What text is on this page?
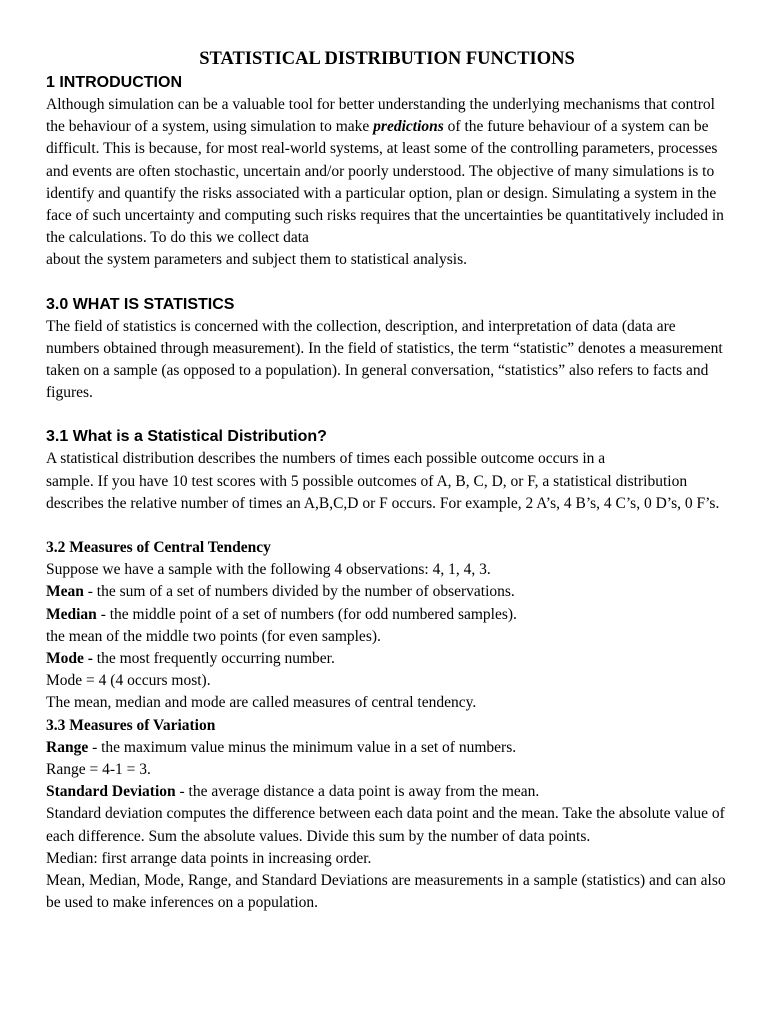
STATISTICAL DISTRIBUTION FUNCTIONS
1 INTRODUCTION

Although simulation can be a valuable tool for better understanding the underlying mechanisms that control the behaviour of a system, using simulation to make predictions of the future behaviour of a system can be difficult. This is because, for most real-world systems, at least some of the controlling parameters, processes and events are often stochastic, uncertain and/or poorly understood. The objective of many simulations is to identify and quantify the risks associated with a particular option, plan or design. Simulating a system in the face of such uncertainty and computing such risks requires that the uncertainties be quantitatively included in the calculations. To do this we collect data
about the system parameters and subject them to statistical analysis.

3.0 WHAT IS STATISTICS

The field of statistics is concerned with the collection, description, and interpretation of data (data are numbers obtained through measurement). In the field of statistics, the term “statistic” denotes a measurement taken on a sample (as opposed to a population). In general conversation, “statistics” also refers to facts and figures.

3.1 What is a Statistical Distribution?

A statistical distribution describes the numbers of times each possible outcome occurs in a
sample. If you have 10 test scores with 5 possible outcomes of A, B, C, D, or F, a statistical distribution describes the relative number of times an A,B,C,D or F occurs. For example, 2 A’s, 4 B’s, 4 C’s, 0 D’s, 0 F’s.

3.2 Measures of Central Tendency

Suppose we have a sample with the following 4 observations: 4, 1, 4, 3.

Mean - the sum of a set of numbers divided by the number of observations.

Median - the middle point of a set of numbers (for odd numbered samples).

the mean of the middle two points (for even samples).

Mode - the most frequently occurring number.

Mode = 4 (4 occurs most).

The mean, median and mode are called measures of central tendency.

3.3 Measures of Variation

Range - the maximum value minus the minimum value in a set of numbers.

Range = 4-1 = 3.

Standard Deviation - the average distance a data point is away from the mean.

Standard deviation computes the difference between each data point and the mean. Take the absolute value of each difference. Sum the absolute values. Divide this sum by the number of data points.

Median: first arrange data points in increasing order.

Mean, Median, Mode, Range, and Standard Deviations are measurements in a sample (statistics) and can also be used to make inferences on a population.
